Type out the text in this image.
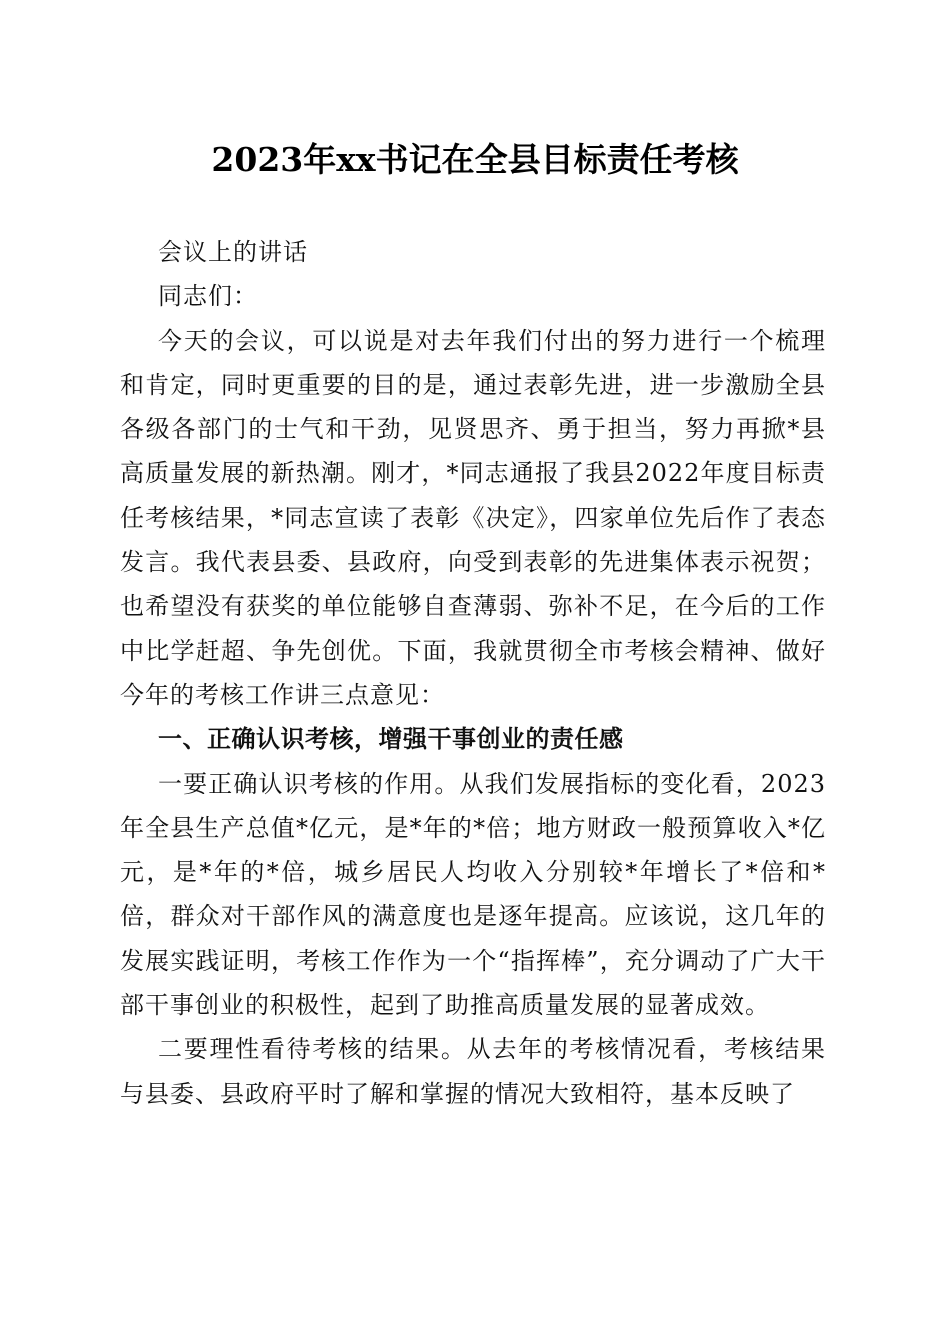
2023年xx书记在全县目标责任考核

会议上的讲话

同志们：

今天的会议，可以说是对去年我们付出的努力进行一个梳理和肯定，同时更重要的目的是，通过表彰先进，进一步激励全县各级各部门的士气和干劲，见贤思齐、勇于担当，努力再掀*县高质量发展的新热潮。刚才，*同志通报了我县2022年度目标责任考核结果，*同志宣读了表彰《决定》，四家单位先后作了表态发言。我代表县委、县政府，向受到表彰的先进集体表示祝贺；也希望没有获奖的单位能够自查薄弱、弥补不足，在今后的工作中比学赶超、争先创优。下面，我就贯彻全市考核会精神、做好今年的考核工作讲三点意见：

一、正确认识考核，增强干事创业的责任感

一要正确认识考核的作用。从我们发展指标的变化看，2023年全县生产总值*亿元，是*年的*倍；地方财政一般预算收入*亿元，是*年的*倍，城乡居民人均收入分别较*年增长了*倍和*倍，群众对干部作风的满意度也是逐年提高。应该说，这几年的发展实践证明，考核工作作为一个“指挥棒”，充分调动了广大干部干事创业的积极性，起到了助推高质量发展的显著成效。

二要理性看待考核的结果。从去年的考核情况看，考核结果与县委、县政府平时了解和掌握的情况大致相符，基本反映了
